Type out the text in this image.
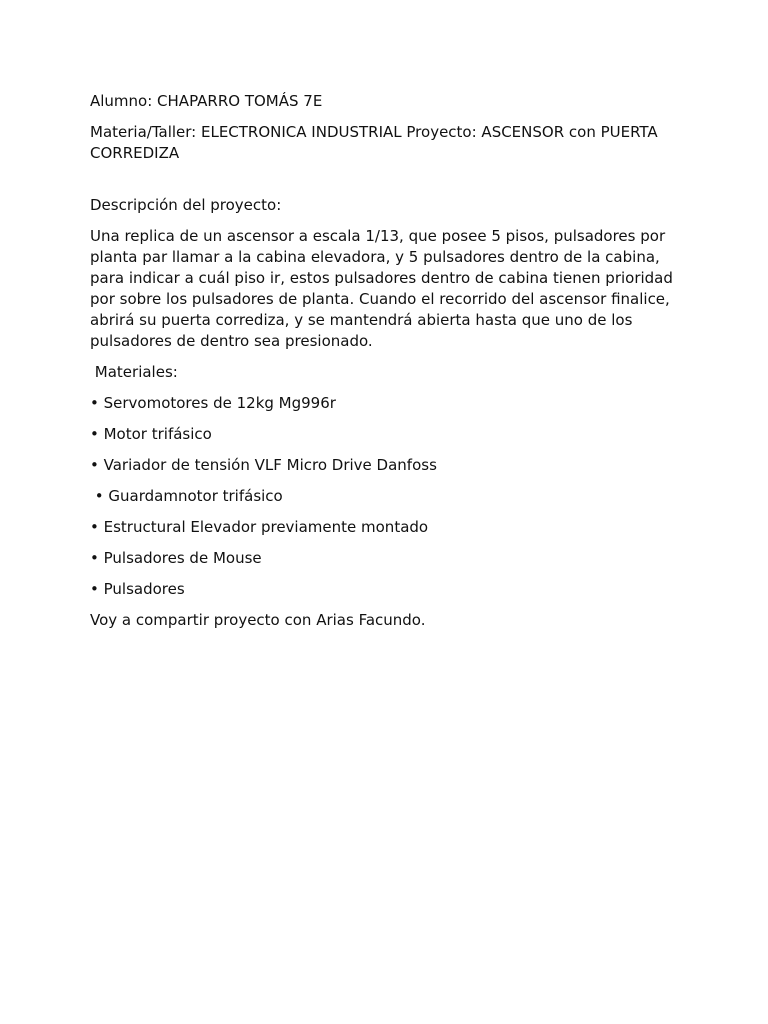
Alumno: CHAPARRO TOMÁS 7E

Materia/Taller: ELECTRONICA INDUSTRIAL Proyecto: ASCENSOR con PUERTA CORREDIZA

Descripción del proyecto:

Una replica de un ascensor a escala 1/13, que posee 5 pisos, pulsadores por planta par llamar a la cabina elevadora, y 5 pulsadores dentro de la cabina, para indicar a cuál piso ir, estos pulsadores dentro de cabina tienen prioridad por sobre los pulsadores de planta. Cuando el recorrido del ascensor finalice, abrirá su puerta corrediza, y se mantendrá abierta hasta que uno de los pulsadores de dentro sea presionado.

Materiales:

• Servomotores de 12kg Mg996r
• Motor trifásico
• Variador de tensión VLF Micro Drive Danfoss
• Guardamnotor trifásico
• Estructural Elevador previamente montado
• Pulsadores de Mouse
• Pulsadores

Voy a compartir proyecto con Arias Facundo.
